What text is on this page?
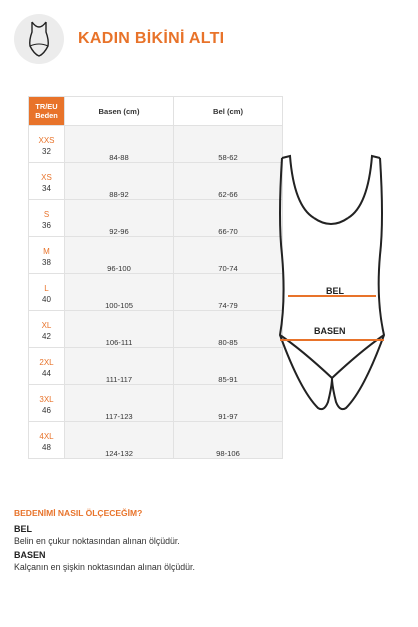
KADIN BİKİNİ ALTI
TR/EU
Beden	Basen (cm)	Bel (cm)

XXS
32	84-88	58-62

XS
34	88-92	62-66

S
36	92-96	66-70

M
38	96-100	70-74

L
40	100-105	74-79

XL
42	106-111	80-85

2XL
44	111-117	85-91

3XL
46	117-123	91-97

4XL
48	124-132	98-106
BEL
BASEN
BEDENİMİ NASIL ÖLÇECEĞİM?
BEL
Belin en çukur noktasından alınan ölçüdür.
BASEN
Kalçanın en şişkin noktasından alınan ölçüdür.
